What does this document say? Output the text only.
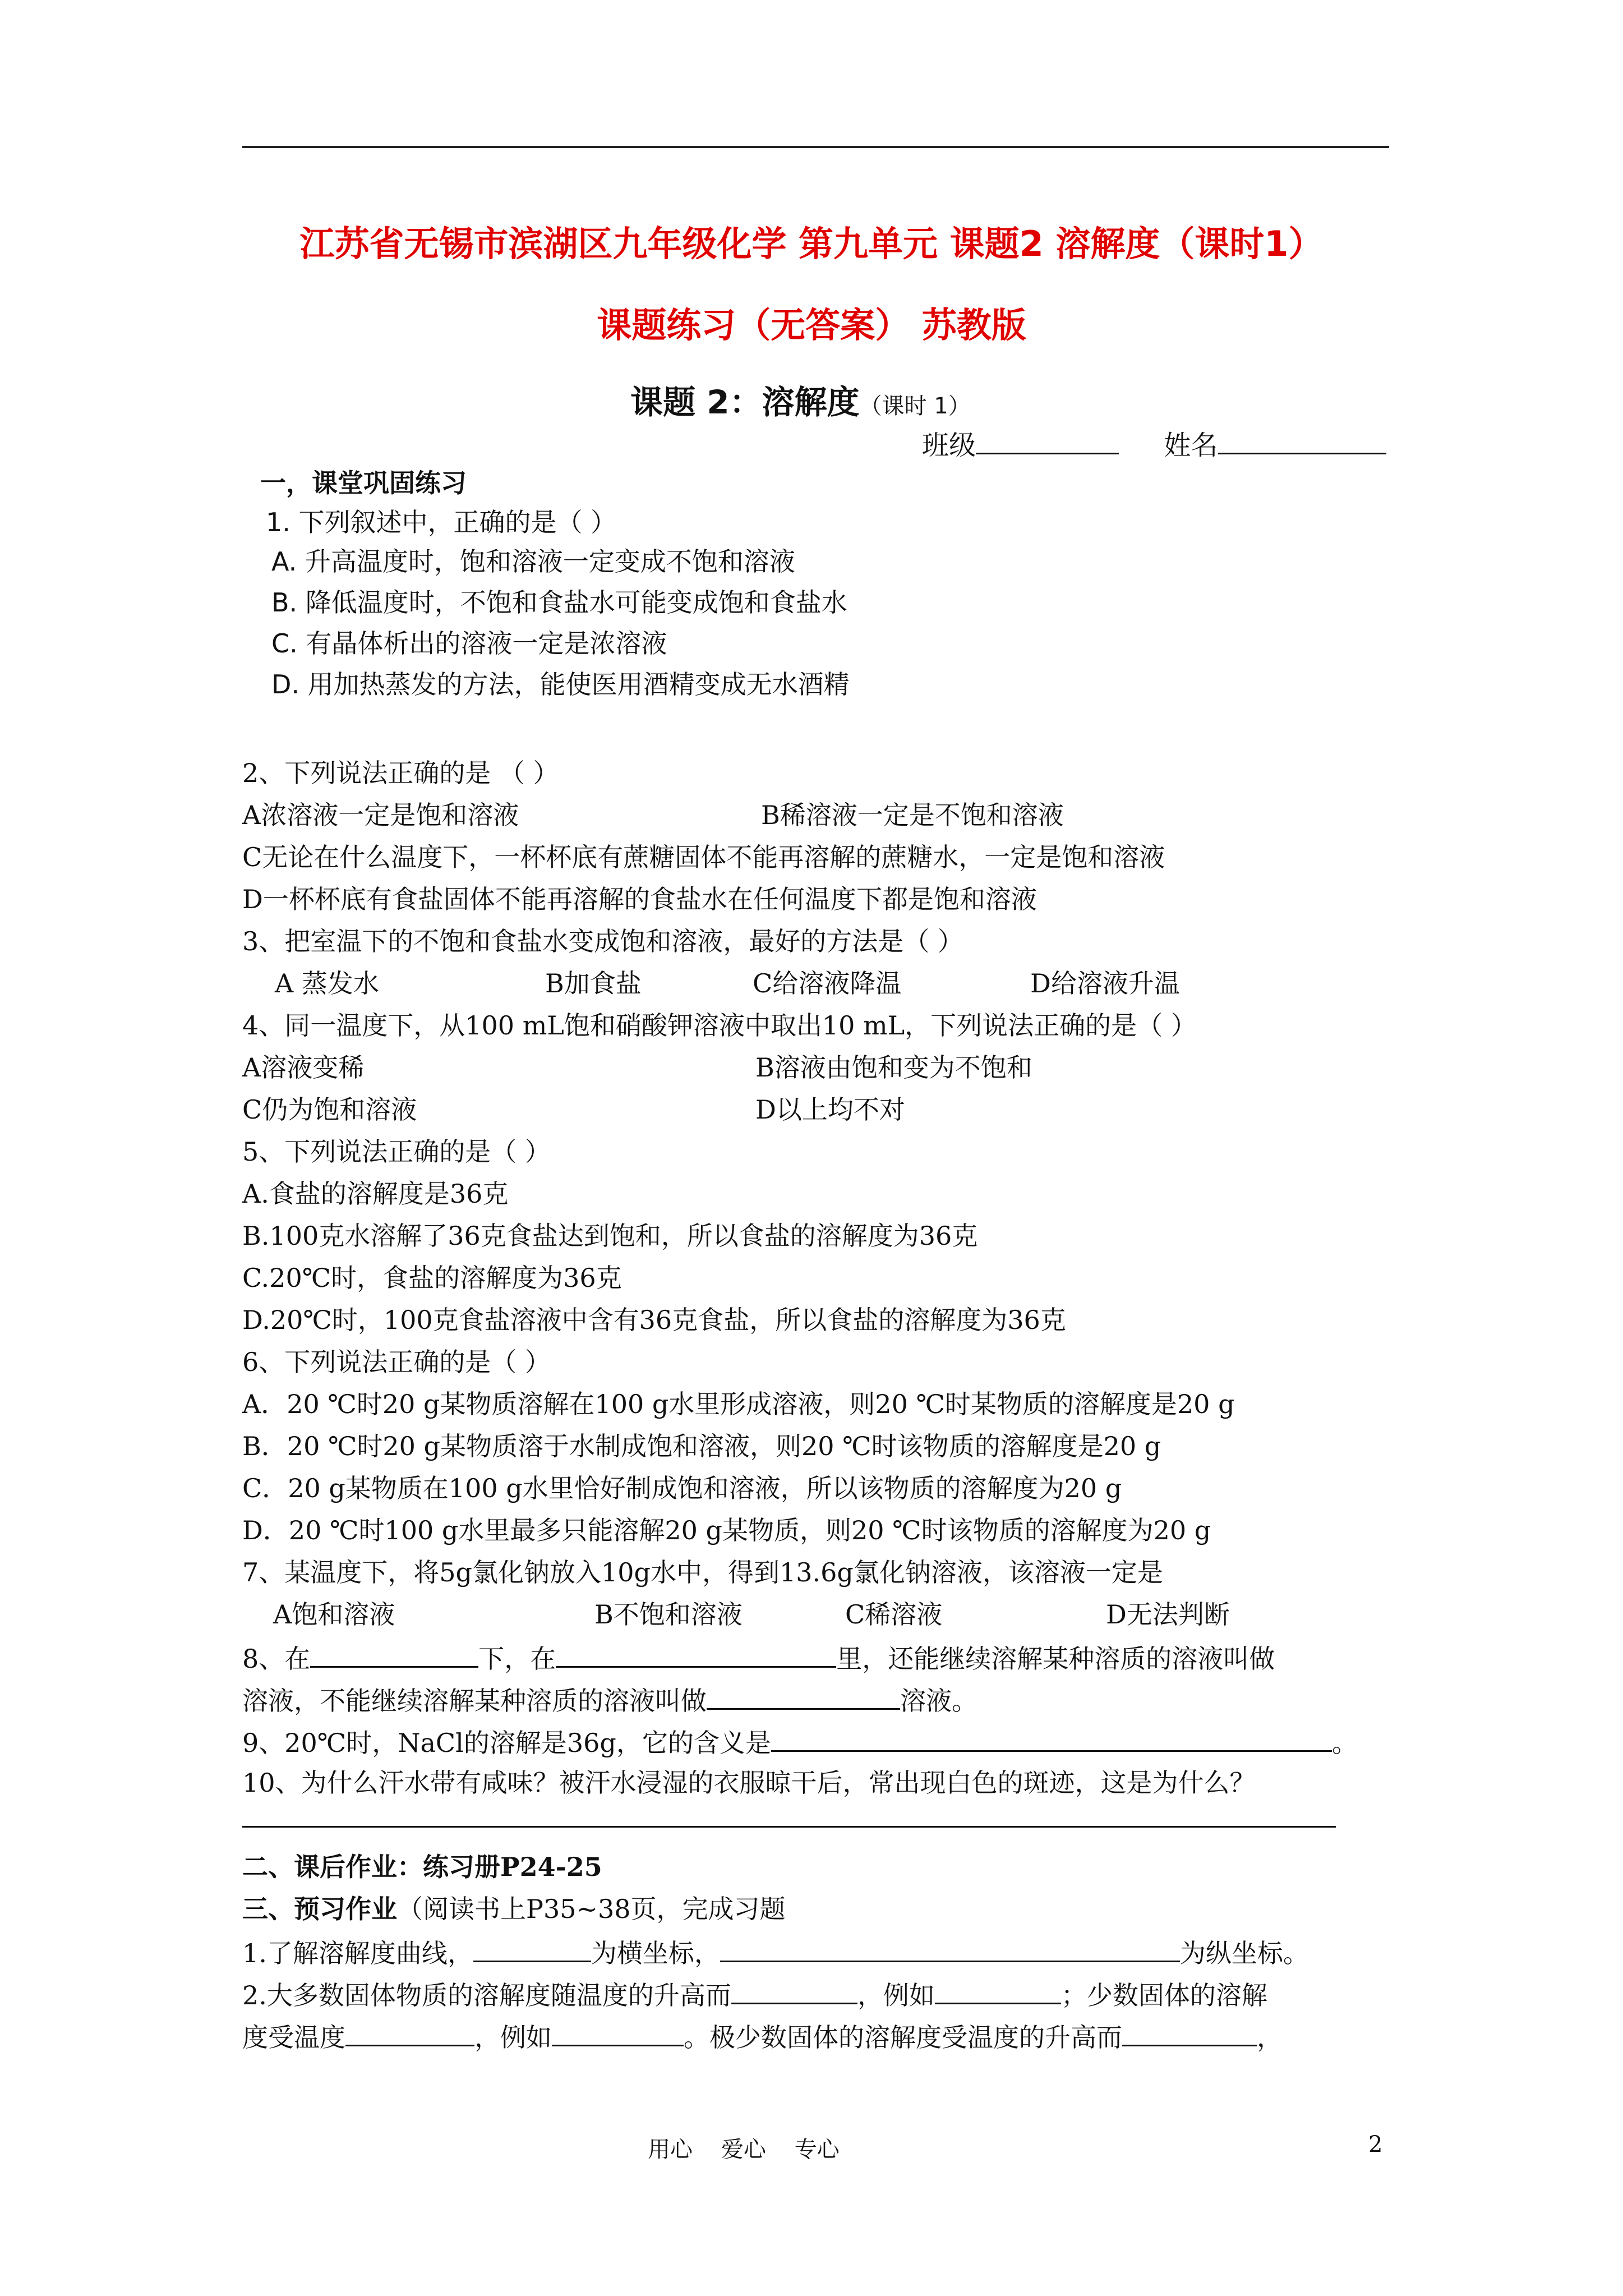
江苏省无锡市滨湖区九年级化学 第九单元 课题2 溶解度（课时1）
课题练习（无答案） 苏教版
课题 2：溶解度（课时 1）
班级	姓名
一，课堂巩固练习
1. 下列叙述中，正确的是（ ）
A. 升高温度时，饱和溶液一定变成不饱和溶液
B. 降低温度时，不饱和食盐水可能变成饱和食盐水
C. 有晶体析出的溶液一定是浓溶液
D. 用加热蒸发的方法，能使医用酒精变成无水酒精
2、下列说法正确的是 （ ）
A浓溶液一定是饱和溶液	B稀溶液一定是不饱和溶液
C无论在什么温度下，一杯杯底有蔗糖固体不能再溶解的蔗糖水，一定是饱和溶液
D一杯杯底有食盐固体不能再溶解的食盐水在任何温度下都是饱和溶液
3、把室温下的不饱和食盐水变成饱和溶液，最好的方法是（ ）
A 蒸发水	B加食盐	C给溶液降温	D给溶液升温
4、同一温度下，从100 mL饱和硝酸钾溶液中取出10 mL，下列说法正确的是（ ）
A溶液变稀	B溶液由饱和变为不饱和
C仍为饱和溶液	D以上均不对
5、下列说法正确的是（ ）
A.食盐的溶解度是36克
B.100克水溶解了36克食盐达到饱和，所以食盐的溶解度为36克
C.20℃时，食盐的溶解度为36克
D.20℃时，100克食盐溶液中含有36克食盐，所以食盐的溶解度为36克
6、下列说法正确的是（ ）
A．20 ℃时20 g某物质溶解在100 g水里形成溶液，则20 ℃时某物质的溶解度是20 g
B．20 ℃时20 g某物质溶于水制成饱和溶液，则20 ℃时该物质的溶解度是20 g
C．20 g某物质在100 g水里恰好制成饱和溶液，所以该物质的溶解度为20 g
D．20 ℃时100 g水里最多只能溶解20 g某物质，则20 ℃时该物质的溶解度为20 g
7、某温度下，将5g氯化钠放入10g水中，得到13.6g氯化钠溶液，该溶液一定是
A饱和溶液	B不饱和溶液	C稀溶液	D无法判断
8、在	下，在	里，还能继续溶解某种溶质的溶液叫做
溶液，不能继续溶解某种溶质的溶液叫做	溶液。
9、20℃时，NaCl的溶解是36g，它的含义是	。
10、为什么汗水带有咸味？被汗水浸湿的衣服晾干后，常出现白色的斑迹，这是为什么？
二、课后作业：练习册P24-25
三、预习作业（阅读书上P35~38页，完成习题
1.了解溶解度曲线，	为横坐标，	为纵坐标。
2.大多数固体物质的溶解度随温度的升高而	，例如	；少数固体的溶解
度受温度	，例如	。极少数固体的溶解度受温度的升高而	，
用心    爱心    专心	2
